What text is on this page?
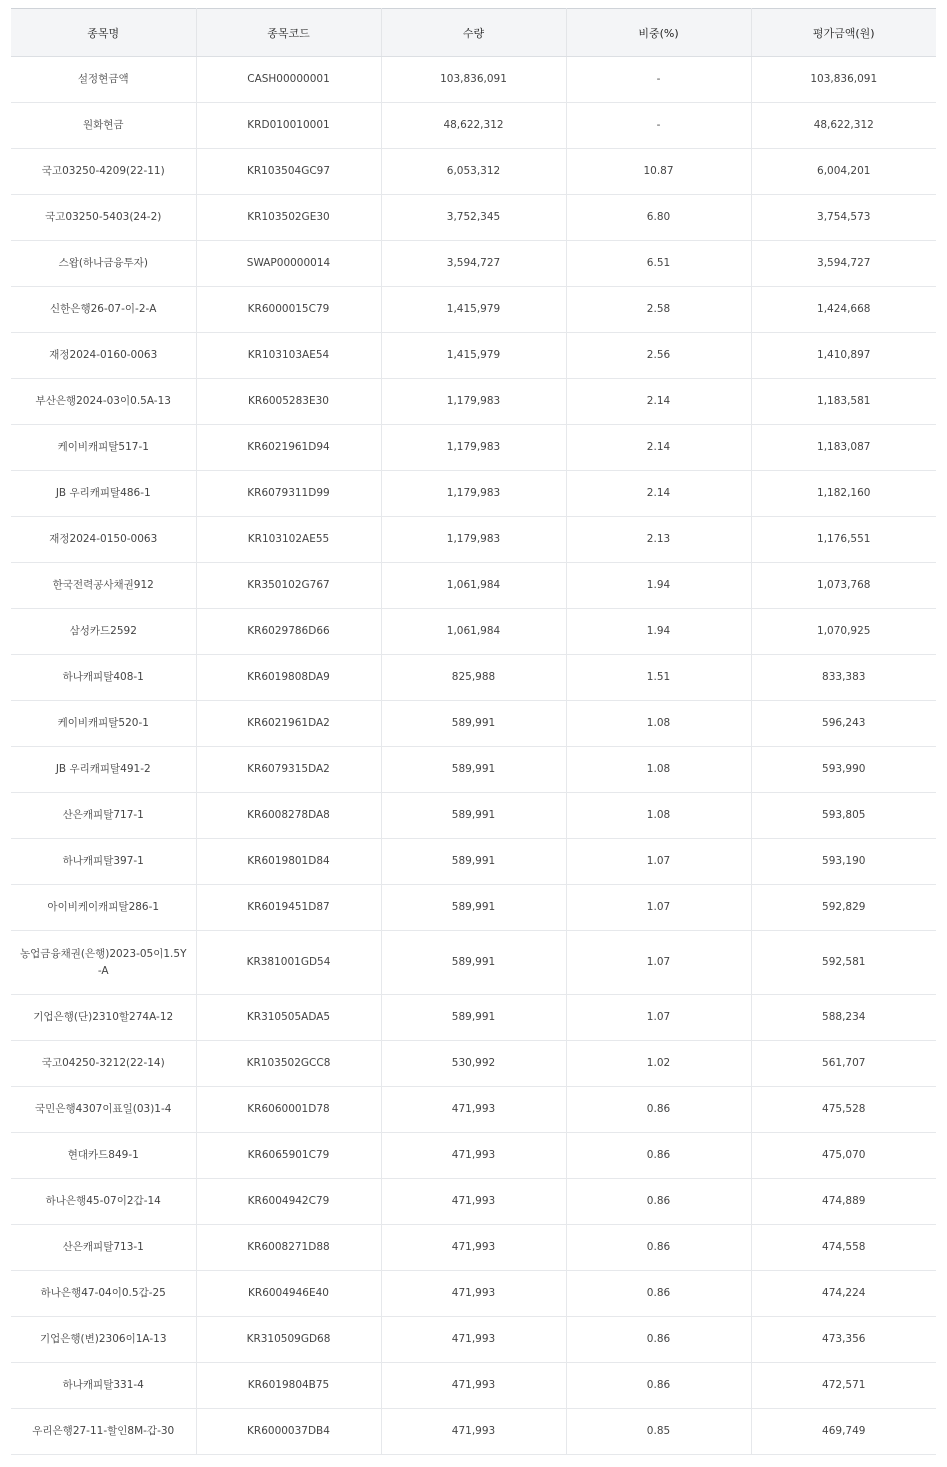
종목명	종목코드	수량	비중(%)	평가금액(원)
설정현금액	CASH00000001	103,836,091	-	103,836,091
원화현금	KRD010010001	48,622,312	-	48,622,312
국고03250-4209(22-11)	KR103504GC97	6,053,312	10.87	6,004,201
국고03250-5403(24-2)	KR103502GE30	3,752,345	6.80	3,754,573
스왑(하나금융투자)	SWAP00000014	3,594,727	6.51	3,594,727
신한은행26-07-이-2-A	KR6000015C79	1,415,979	2.58	1,424,668
재정2024-0160-0063	KR103103AE54	1,415,979	2.56	1,410,897
부산은행2024-03이0.5A-13	KR6005283E30	1,179,983	2.14	1,183,581
케이비캐피탈517-1	KR6021961D94	1,179,983	2.14	1,183,087
JB 우리캐피탈486-1	KR6079311D99	1,179,983	2.14	1,182,160
재정2024-0150-0063	KR103102AE55	1,179,983	2.13	1,176,551
한국전력공사채권912	KR350102G767	1,061,984	1.94	1,073,768
삼성카드2592	KR6029786D66	1,061,984	1.94	1,070,925
하나캐피탈408-1	KR6019808DA9	825,988	1.51	833,383
케이비캐피탈520-1	KR6021961DA2	589,991	1.08	596,243
JB 우리캐피탈491-2	KR6079315DA2	589,991	1.08	593,990
산은캐피탈717-1	KR6008278DA8	589,991	1.08	593,805
하나캐피탈397-1	KR6019801D84	589,991	1.07	593,190
아이비케이캐피탈286-1	KR6019451D87	589,991	1.07	592,829
농업금융채권(은행)2023-05이1.5Y-A	KR381001GD54	589,991	1.07	592,581
기업은행(단)2310할274A-12	KR310505ADA5	589,991	1.07	588,234
국고04250-3212(22-14)	KR103502GCC8	530,992	1.02	561,707
국민은행4307이표일(03)1-4	KR6060001D78	471,993	0.86	475,528
현대카드849-1	KR6065901C79	471,993	0.86	475,070
하나은행45-07이2갑-14	KR6004942C79	471,993	0.86	474,889
산은캐피탈713-1	KR6008271D88	471,993	0.86	474,558
하나은행47-04이0.5갑-25	KR6004946E40	471,993	0.86	474,224
기업은행(변)2306이1A-13	KR310509GD68	471,993	0.86	473,356
하나캐피탈331-4	KR6019804B75	471,993	0.86	472,571
우리은행27-11-할인8M-갑-30	KR6000037DB4	471,993	0.85	469,749
